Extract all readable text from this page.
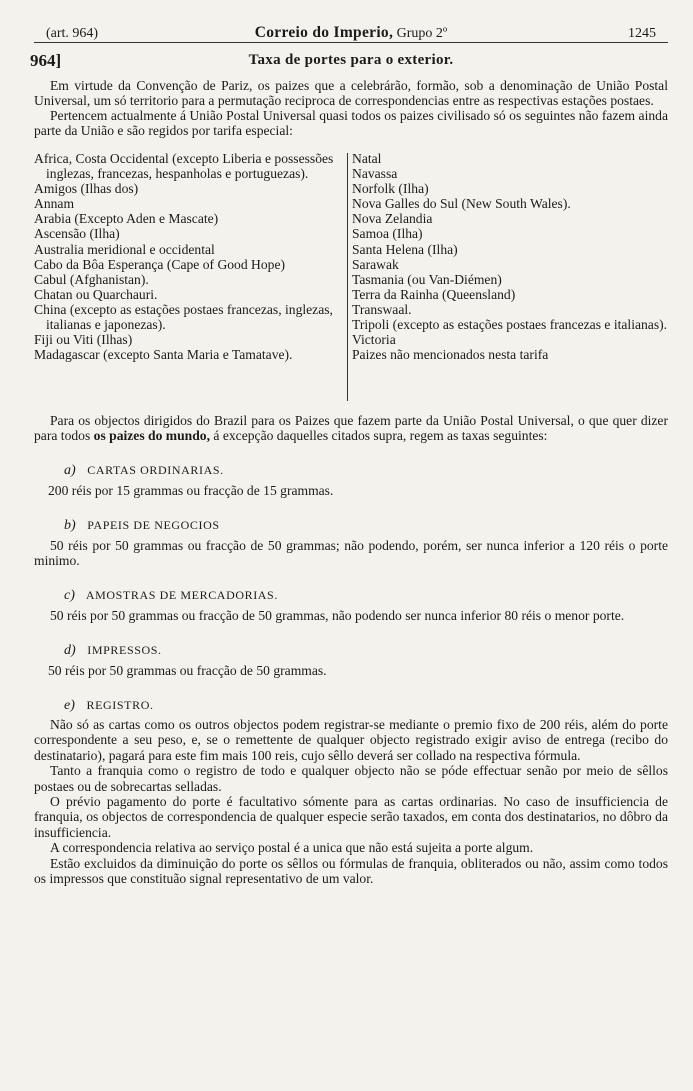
(art. 964)	Correio do Imperio, Grupo 2º	1245
964]	Taxa de portes para o exterior.

Em virtude da Convenção de Pariz, os paizes que a celebrárão, formão, sob a denominação de União Postal Universal, um só territorio para a permutação reciproca de correspondencias entre as respectivas estações postaes.

Pertencem actualmente á União Postal Universal quasi todos os paizes civilisado só os seguintes não fazem ainda parte da União e são regidos por tarifa especial:

Africa, Costa Occidental (excepto Liberia e possessões inglezas, francezas, hespanholas e portuguezas).
Amigos (Ilhas dos)
Annam
Arabia (Excepto Aden e Mascate)
Ascensão (Ilha)
Australia meridional e occidental
Cabo da Bôa Esperança (Cape of Good Hope)
Cabul (Afghanistan).
Chatan ou Quarchauri.
China (excepto as estações postaes francezas, inglezas, italianas e japonezas).
Fiji ou Viti (Ilhas)
Madagascar (excepto Santa Maria e Tamatave).
Natal
Navassa
Norfolk (Ilha)
Nova Galles do Sul (New South Wales).
Nova Zelandia
Samoa (Ilha)
Santa Helena (Ilha)
Sarawak
Tasmania (ou Van-Diémen)
Terra da Rainha (Queensland)
Transwaal.
Tripoli (excepto as estações postaes francezas e italianas).
Victoria
Paizes não mencionados nesta tarifa

Para os objectos dirigidos do Brazil para os Paizes que fazem parte da União Postal Universal, o que quer dizer para todos os paizes do mundo, á excepção daquelles citados supra, regem as taxas seguintes:

a) CARTAS ORDINARIAS.
200 réis por 15 grammas ou fracção de 15 grammas.
b) PAPEIS DE NEGOCIOS

50 réis por 50 grammas ou fracção de 50 grammas; não podendo, porém, ser nunca inferior a 120 réis o porte minimo.

c) AMOSTRAS DE MERCADORIAS.

50 réis por 50 grammas ou fracção de 50 grammas, não podendo ser nunca inferior 80 réis o menor porte.

d) IMPRESSOS.
50 réis por 50 grammas ou fracção de 50 grammas.
e) REGISTRO.

Não só as cartas como os outros objectos podem registrar-se mediante o premio fixo de 200 réis, além do porte correspondente a seu peso, e, se o remettente de qualquer objecto registrado exigir aviso de entrega (recibo do destinatario), pagará para este fim mais 100 reis, cujo sêllo deverá ser collado na respectiva fórmula.

Tanto a franquia como o registro de todo e qualquer objecto não se póde effectuar senão por meio de sêllos postaes ou de sobrecartas selladas.

O prévio pagamento do porte é facultativo sómente para as cartas ordinarias. No caso de insufficiencia de franquia, os objectos de correspondencia de qualquer especie serão taxados, em conta dos destinatarios, no dôbro da insufficiencia.

A correspondencia relativa ao serviço postal é a unica que não está sujeita a porte algum.

Estão excluidos da diminuição do porte os sêllos ou fórmulas de franquia, obliterados ou não, assim como todos os impressos que constituão signal representativo de um valor.
